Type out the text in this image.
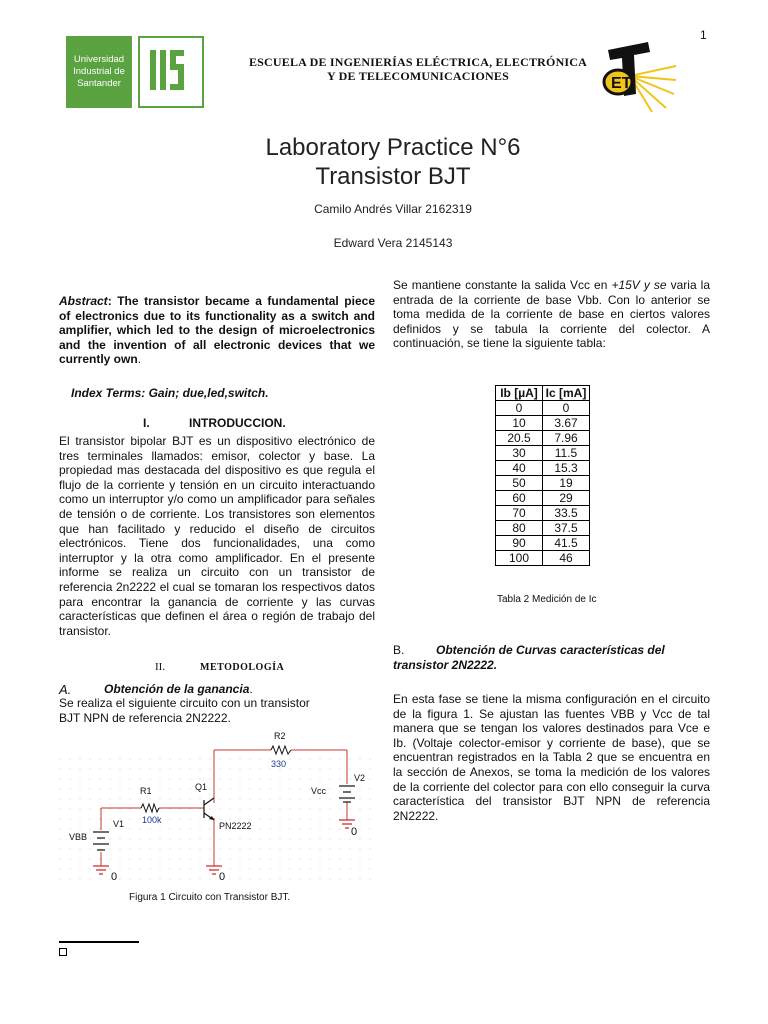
1
Universidad Industrial de Santander
ESCUELA DE INGENIERÍAS ELÉCTRICA, ELECTRÓNICA
Y DE TELECOMUNICACIONES	ET
Laboratory Practice N°6
Transistor BJT
Camilo Andrés Villar 2162319
Edward Vera 2145143
Abstract: The transistor became a fundamental piece of electronics due to its functionality as a switch and amplifier, which led to the design of microelectronics and the invention of all electronic devices that we currently own.
Index Terms: Gain; due,led,switch.
I.	INTRODUCCION.
El transistor bipolar BJT es un dispositivo electrónico de tres terminales llamados: emisor, colector y base. La propiedad mas destacada del dispositivo es que regula el flujo de la corriente y tensión en un circuito interactuando como un interruptor y/o como un amplificador para señales de tensión o de corriente. Los transistores son elementos que han facilitado y reducido el diseño de circuitos electrónicos. Tiene dos funcionalidades, una como interruptor y la otra como amplificador. En el presente informe se realiza un circuito con un transistor de referencia 2n2222 el cual se tomaran los respectivos datos para encontrar la ganancia de corriente y las curvas características que definen el área o región de trabajo del transistor.
II.	METODOLOGÍA
A.	Obtención de la ganancia.
Se realiza el siguiente circuito con un transistor BJT NPN de referencia 2N2222.
R2
330
R1
100k
Q1
PN2222
V1
VBB
V2
Vcc
0	0
0
Figura 1 Circuito con Transistor BJT.
Se mantiene constante la salida Vcc en +15V y se varia la entrada de la corriente de base Vbb. Con lo anterior se toma medida de la corriente de base en ciertos valores definidos y se tabula la corriente del colector. A continuación, se tiene la siguiente tabla:
Ib [µA]	Ic [mA]
0	0
10	3.67
20.5	7.96
30	11.5
40	15.3
50	19
60	29
70	33.5
80	37.5
90	41.5
100	46
Tabla 2 Medición de Ic
B.	Obtención de Curvas características del
transistor 2N2222.
En esta fase se tiene la misma configuración en el circuito de la figura 1. Se ajustan las fuentes VBB y Vcc de tal manera que se tengan los valores destinados para Vce e Ib. (Voltaje colector-emisor y corriente de base), que se encuentran registrados en la Tabla 2 que se encuentra en la sección de Anexos, se toma la medición de los valores de la corriente del colector para con ello conseguir la curva característica del transistor BJT NPN de referencia 2N2222.
